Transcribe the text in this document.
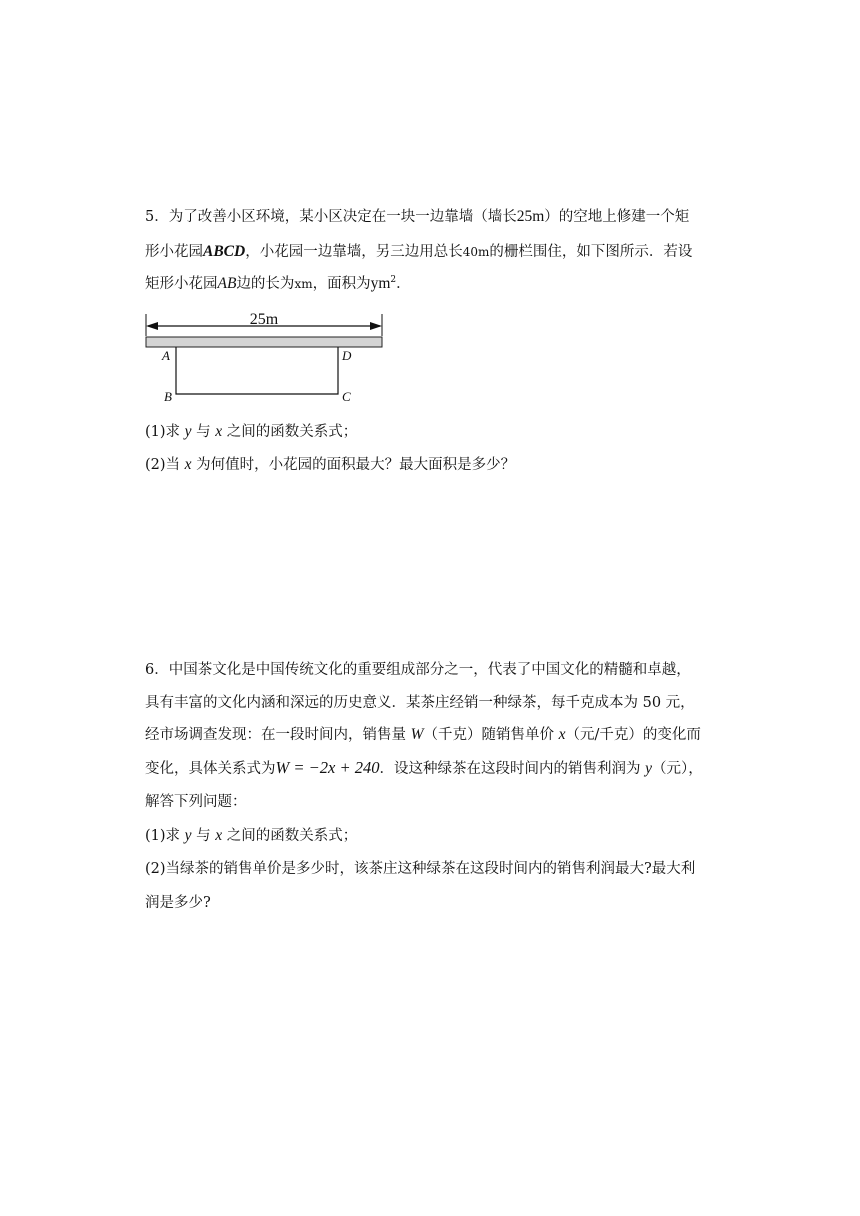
5．为了改善小区环境，某小区决定在一块一边靠墙（墙长25m）的空地上修建一个矩

形小花园ABCD，小花园一边靠墙，另三边用总长40m的栅栏围住，如下图所示．若设

矩形小花园AB边的长为xm，面积为$ym^2$．

25m
A	D
B	C

(1)求 y 与 x 之间的函数关系式；

(2)当 x 为何值时，小花园的面积最大？最大面积是多少？

6．中国茶文化是中国传统文化的重要组成部分之一，代表了中国文化的精髓和卓越，

具有丰富的文化内涵和深远的历史意义．某茶庄经销一种绿茶，每千克成本为 50 元，

经市场调查发现：在一段时间内，销售量 W（千克）随销售单价 x（元/千克）的变化而

变化，具体关系式为W = −2x + 240．设这种绿茶在这段时间内的销售利润为 y（元），

解答下列问题：

(1)求 y 与 x 之间的函数关系式；

(2)当绿茶的销售单价是多少时，该茶庄这种绿茶在这段时间内的销售利润最大?最大利

润是多少?
